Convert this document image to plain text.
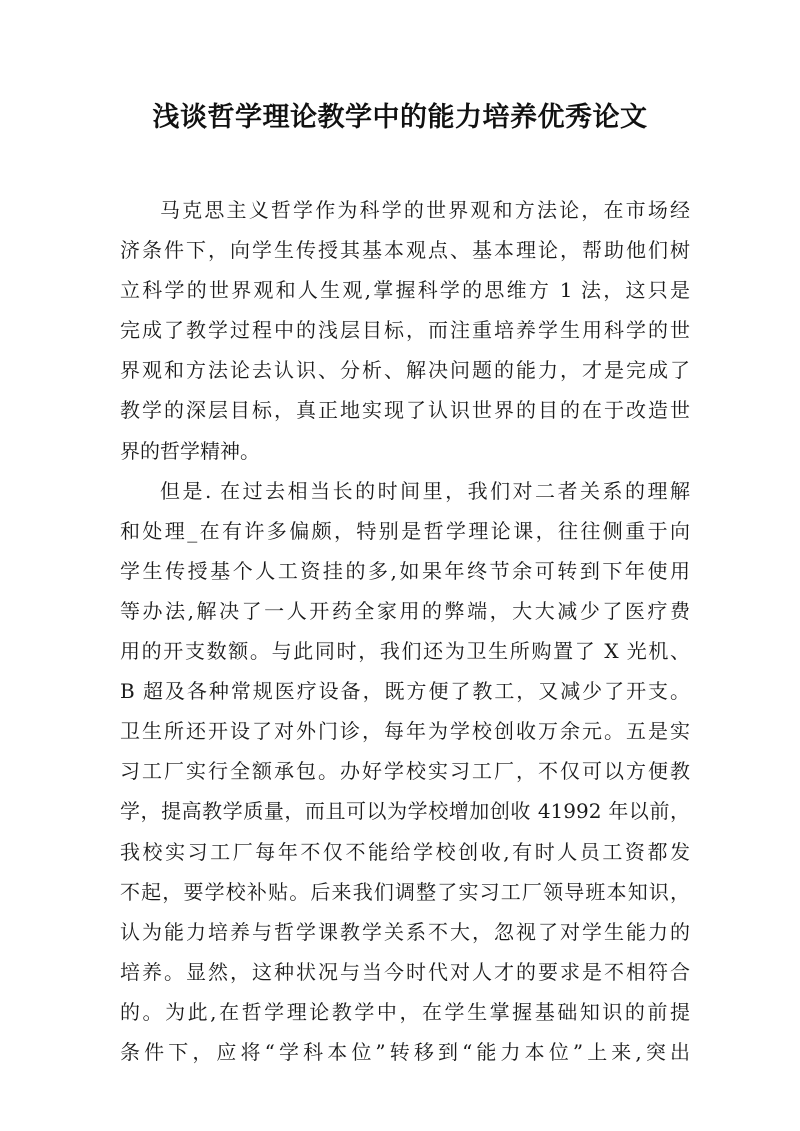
浅谈哲学理论教学中的能力培养优秀论文
马克思主义哲学作为科学的世界观和方法论，在市场经
济条件下，向学生传授其基本观点、基本理论，帮助他们树
立科学的世界观和人生观,掌握科学的思维方 1 法，这只是
完成了教学过程中的浅层目标，而注重培养学生用科学的世
界观和方法论去认识、分析、解决问题的能力，才是完成了
教学的深层目标，真正地实现了认识世界的目的在于改造世
界的哲学精神。
但是. 在过去相当长的时间里，我们对二者关系的理解
和处理_在有许多偏颇，特别是哲学理论课，往往侧重于向
学生传授基个人工资挂的多,如果年终节余可转到下年使用
等办法,解决了一人开药全家用的弊端，大大减少了医疗费
用的开支数额。与此同时，我们还为卫生所购置了 X 光机、
B 超及各种常规医疗设备，既方便了教工，又减少了开支。
卫生所还开设了对外门诊，每年为学校创收万余元。五是实
习工厂实行全额承包。办好学校实习工厂，不仅可以方便教
学，提高教学质量，而且可以为学校增加创收 41992 年以前，
我校实习工厂每年不仅不能给学校创收,有时人员工资都发
不起，要学校补贴。后来我们调整了实习工厂领导班本知识，
认为能力培养与哲学课教学关系不大，忽视了对学生能力的
培养。显然，这种状况与当今时代对人才的要求是不相符合
的。为此,在哲学理论教学中，在学生掌握基础知识的前提
条件下，应将“学科本位”转移到“能力本位”上来,突出
